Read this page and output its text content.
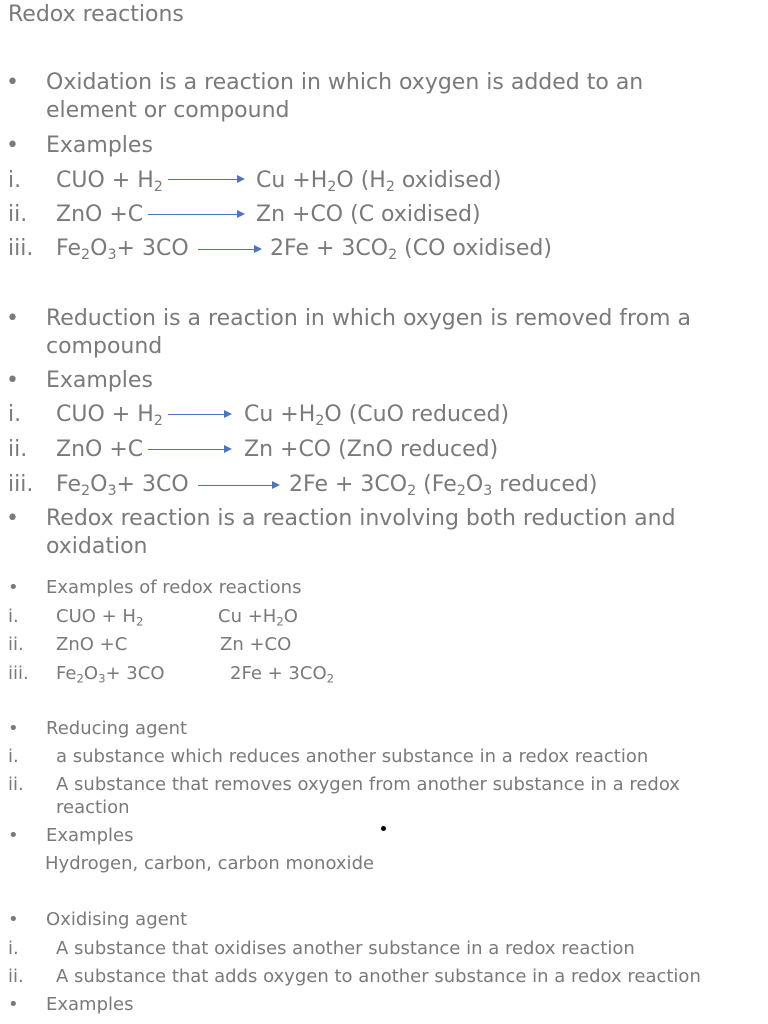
Redox reactions
• Oxidation is a reaction in which oxygen is added to an
element or compound
• Examples
i. CUO + $H_2$	$Cu +H_2O$ ($H_2$ oxidised)
ii. ZnO +C	Zn +CO (C oxidised)
iii. $Fe_2O_3+ 3CO \to 2Fe + 3CO_2$ (CO oxidised)
• Reduction is a reaction in which oxygen is removed from a
compound
• Examples
i. CUO + $H_2 \to Cu +H_2O$ (CuO reduced)
ii. ZnO +C	Zn +CO (ZnO reduced)
iii. $Fe_2O_3+ 3CO$	$2Fe + 3CO_2$ ($Fe_2O_3$ reduced)
• Redox reaction is a reaction involving both reduction and
oxidation
• Examples of redox reactions
i. CUO + $H_2$	$Cu +H_2O$
ii. ZnO +C	Zn +CO
iii. $Fe_2O_3+ 3CO$	$2Fe + 3CO_2$
• Reducing agent
i. a substance which reduces another substance in a redox reaction
ii. A substance that removes oxygen from another substance in a redox
reaction
• Examples
Hydrogen, carbon, carbon monoxide
• Oxidising agent
i. A substance that oxidises another substance in a redox reaction
ii. A substance that adds oxygen to another substance in a redox reaction
• Examples
